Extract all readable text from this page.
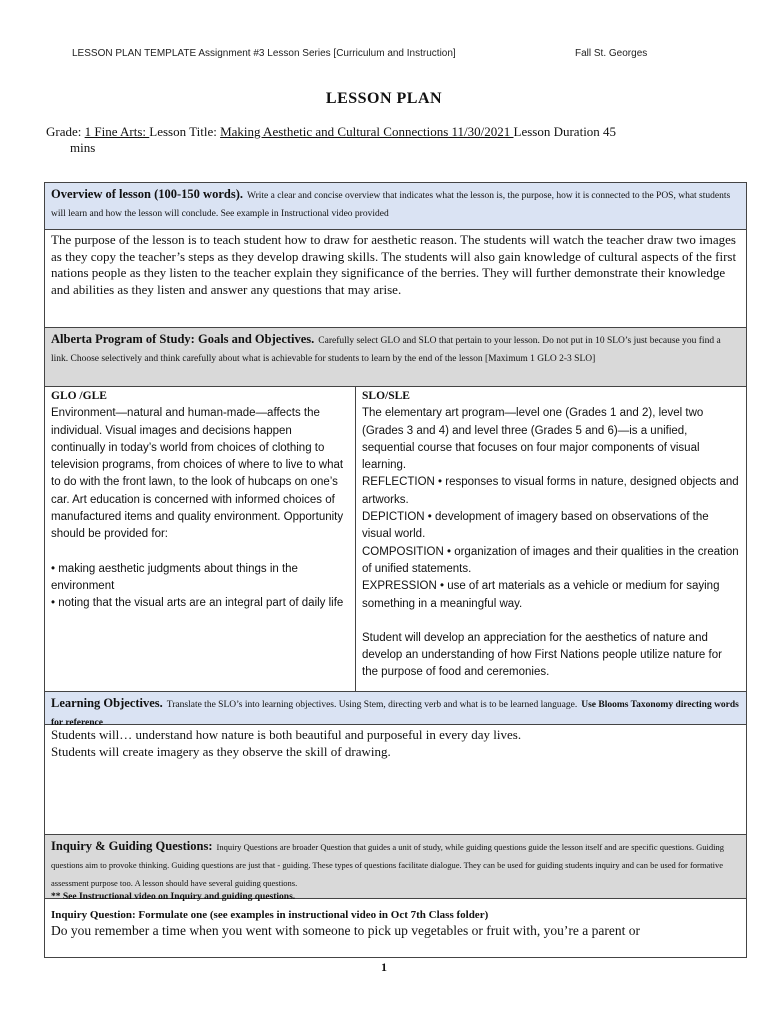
LESSON PLAN TEMPLATE Assignment #3 Lesson Series [Curriculum and Instruction]	Fall St. Georges
LESSON PLAN
Grade: 1 Fine Arts: Lesson Title: Making Aesthetic and Cultural Connections 11/30/2021 Lesson Duration 45
mins
Overview of lesson (100-150 words). Write a clear and concise overview that indicates what the lesson is, the purpose, how it is connected to the POS, what students will learn and how the lesson will conclude. See example in Instructional video provided
The purpose of the lesson is to teach student how to draw for aesthetic reason. The students will watch the teacher draw two images as they copy the teacher’s steps as they develop drawing skills. The students will also gain knowledge of cultural aspects of the first nations people as they listen to the teacher explain they significance of the berries. They will further demonstrate their knowledge and abilities as they listen and answer any questions that may arise.
Alberta Program of Study: Goals and Objectives. Carefully select GLO and SLO that pertain to your lesson. Do not put in 10 SLO’s just because you find a link. Choose selectively and think carefully about what is achievable for students to learn by the end of the lesson [Maximum 1 GLO 2-3 SLO]
GLO /GLE
Environment—natural and human-made—affects the individual. Visual images and decisions happen continually in today’s world from choices of clothing to television programs, from choices of where to live to what to do with the front lawn, to the look of hubcaps on one’s car. Art education is concerned with informed choices of manufactured items and quality environment. Opportunity should be provided for:
• making aesthetic judgments about things in the environment
• noting that the visual arts are an integral part of daily life
SLO/SLE
The elementary art program—level one (Grades 1 and 2), level two (Grades 3 and 4) and level three (Grades 5 and 6)—is a unified, sequential course that focuses on four major components of visual learning.
REFLECTION • responses to visual forms in nature, designed objects and artworks.
DEPICTION • development of imagery based on observations of the visual world.
COMPOSITION • organization of images and their qualities in the creation of unified statements.
EXPRESSION • use of art materials as a vehicle or medium for saying something in a meaningful way.
Student will develop an appreciation for the aesthetics of nature and develop an understanding of how First Nations people utilize nature for the purpose of food and ceremonies.
Learning Objectives. Translate the SLO’s into learning objectives. Using Stem, directing verb and what is to be learned language. Use Blooms Taxonomy directing words for reference
Students will… understand how nature is both beautiful and purposeful in every day lives.
Students will create imagery as they observe the skill of drawing.
Inquiry & Guiding Questions: Inquiry Questions are broader Question that guides a unit of study, while guiding questions guide the lesson itself and are specific questions. Guiding questions aim to provoke thinking. Guiding questions are just that - guiding. These types of questions facilitate dialogue. They can be used for guiding students inquiry and can be used for formative assessment purpose too. A lesson should have several guiding questions.
** See Instructional video on Inquiry and guiding questions.
Inquiry Question: Formulate one (see examples in instructional video in Oct 7th Class folder)
Do you remember a time when you went with someone to pick up vegetables or fruit with, you’re a parent or
1
